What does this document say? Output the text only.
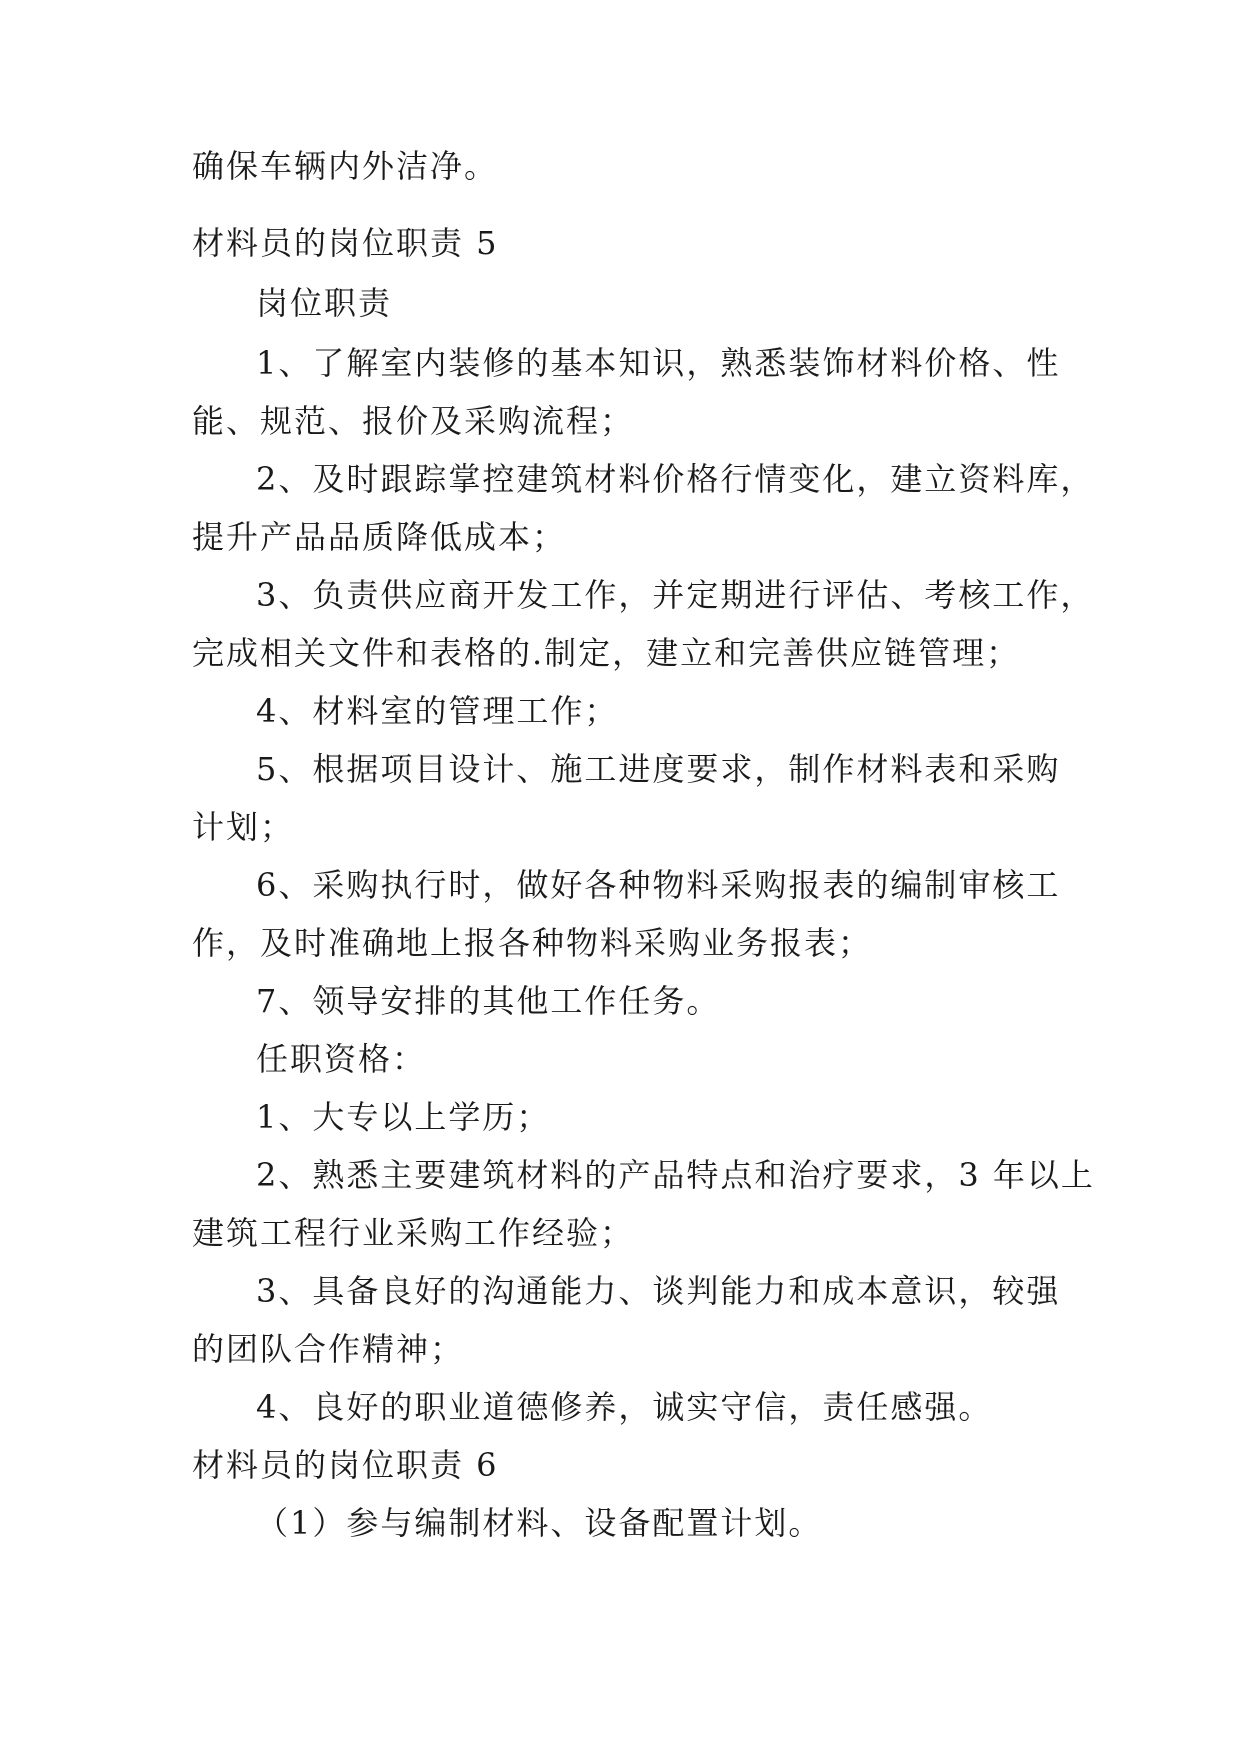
确保车辆内外洁净。
材料员的岗位职责 5
岗位职责
1、了解室内装修的基本知识，熟悉装饰材料价格、性
能、规范、报价及采购流程；
2、及时跟踪掌控建筑材料价格行情变化，建立资料库，
提升产品品质降低成本；
3、负责供应商开发工作，并定期进行评估、考核工作，
完成相关文件和表格的.制定，建立和完善供应链管理；
4、材料室的管理工作；
5、根据项目设计、施工进度要求，制作材料表和采购
计划；
6、采购执行时，做好各种物料采购报表的编制审核工
作，及时准确地上报各种物料采购业务报表；
7、领导安排的其他工作任务。
任职资格：
1、大专以上学历；
2、熟悉主要建筑材料的产品特点和治疗要求，3 年以上
建筑工程行业采购工作经验；
3、具备良好的沟通能力、谈判能力和成本意识，较强
的团队合作精神；
4、良好的职业道德修养，诚实守信，责任感强。
材料员的岗位职责 6
（1）参与编制材料、设备配置计划。
